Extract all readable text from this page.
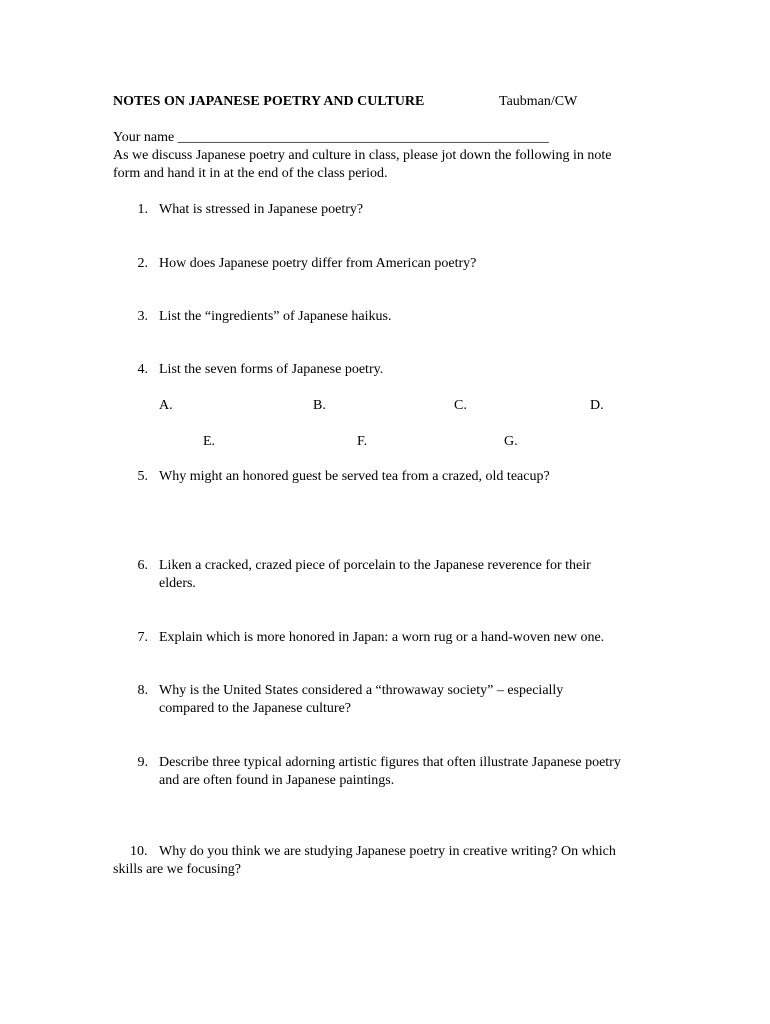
NOTES ON JAPANESE POETRY AND CULTURE	Taubman/CW
Your name _____________________________________________________
As we discuss Japanese poetry and culture in class, please jot down the following in note
form and hand it in at the end of the class period.
1. What is stressed in Japanese poetry?
2. How does Japanese poetry differ from American poetry?
3. List the “ingredients” of Japanese haikus.
4. List the seven forms of Japanese poetry.
A.	B.	C.	D.
E.	F.	G.
5. Why might an honored guest be served tea from a crazed, old teacup?
6. Liken a cracked, crazed piece of porcelain to the Japanese reverence for their
elders.
7. Explain which is more honored in Japan: a worn rug or a hand-woven new one.
8. Why is the United States considered a “throwaway society” – especially
compared to the Japanese culture?
9. Describe three typical adorning artistic figures that often illustrate Japanese poetry
and are often found in Japanese paintings.
10. Why do you think we are studying Japanese poetry in creative writing? On which
skills are we focusing?
